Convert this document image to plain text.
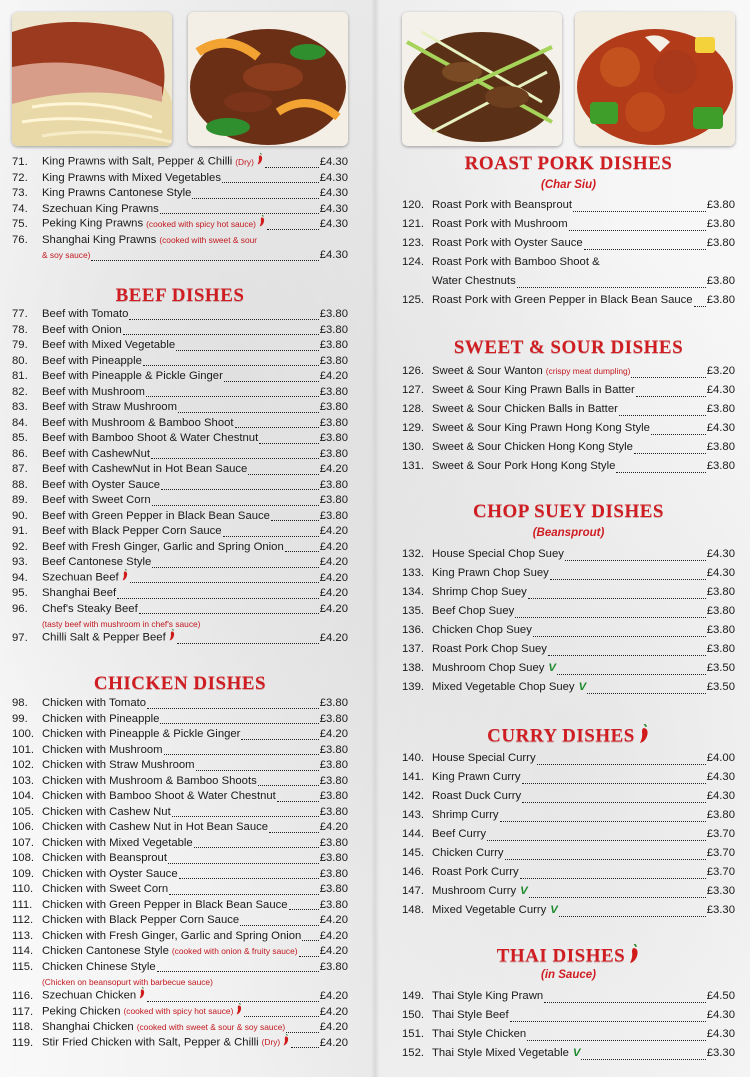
71.	King Prawns with Salt, Pepper & Chilli (Dry)	£4.30
72.	King Prawns with Mixed Vegetables	£4.30
73.	King Prawns Cantonese Style	£4.30
74.	Szechuan King Prawns	£4.30
75.	Peking King Prawns (cooked with spicy hot sauce)	£4.30
76.	Shanghai King Prawns (cooked with sweet & sour
& soy sauce)	£4.30
BEEF DISHES
77.	Beef with Tomato	£3.80
78.	Beef with Onion	£3.80
79.	Beef with Mixed Vegetable	£3.80
80.	Beef with Pineapple	£3.80
81.	Beef with Pineapple & Pickle Ginger	£4.20
82.	Beef with Mushroom	£3.80
83.	Beef with Straw Mushroom	£3.80
84.	Beef with Mushroom & Bamboo Shoot	£3.80
85.	Beef with Bamboo Shoot & Water Chestnut	£3.80
86.	Beef with CashewNut	£3.80
87.	Beef with CashewNut in Hot Bean Sauce	£4.20
88.	Beef with Oyster Sauce	£3.80
89.	Beef with Sweet Corn	£3.80
90.	Beef with Green Pepper in Black Bean Sauce	£3.80
91.	Beef with Black Pepper Corn Sauce	£4.20
92.	Beef with Fresh Ginger, Garlic and Spring Onion	£4.20
93.	Beef Cantonese Style	£4.20
94.	Szechuan Beef	£4.20
95.	Shanghai Beef	£4.20
96.	Chef's Steaky Beef	£4.20
(tasty beef with mushroom in chef's sauce)
97.	Chilli Salt & Pepper Beef	£4.20
CHICKEN DISHES
98.	Chicken with Tomato	£3.80
99.	Chicken with Pineapple	£3.80
100. Chicken with Pineapple & Pickle Ginger	£4.20
101. Chicken with Mushroom	£3.80
102. Chicken with Straw Mushroom	£3.80
103. Chicken with Mushroom & Bamboo Shoots	£3.80
104. Chicken with Bamboo Shoot & Water Chestnut	£3.80
105. Chicken with Cashew Nut	£3.80
106. Chicken with Cashew Nut in Hot Bean Sauce	£4.20
107. Chicken with Mixed Vegetable	£3.80
108. Chicken with Beansprout	£3.80
109. Chicken with Oyster Sauce	£3.80
110. Chicken with Sweet Corn	£3.80
111. Chicken with Green Pepper in Black Bean Sauce	£3.80
112. Chicken with Black Pepper Corn Sauce	£4.20
113. Chicken with Fresh Ginger, Garlic and Spring Onion £4.20
114. Chicken Cantonese Style (cooked with onion & fruity sauce) £4.20
115. Chicken Chinese Style	£3.80
(Chicken on beansopurt with barbecue sauce)
116. Szechuan Chicken	£4.20
117. Peking Chicken (cooked with spicy hot sauce)	£4.20
118. Shanghai Chicken (cooked with sweet & sour & soy sauce)	£4.20
119. Stir Fried Chicken with Salt, Pepper & Chilli (Dry)	£4.20
ROAST PORK DISHES
(Char Siu)
120. Roast Pork with Beansprout	£3.80
121. Roast Pork with Mushroom	£3.80
123. Roast Pork with Oyster Sauce	£3.80
124. Roast Pork with Bamboo Shoot &
Water Chestnuts	£3.80
125. Roast Pork with Green Pepper in Black Bean Sauce £3.80
SWEET & SOUR DISHES
126. Sweet & Sour Wanton (crispy meat dumpling)	£3.20
127. Sweet & Sour King Prawn Balls in Batter	£4.30
128. Sweet & Sour Chicken Balls in Batter	£3.80
129. Sweet & Sour King Prawn Hong Kong Style	£4.30
130. Sweet & Sour Chicken Hong Kong Style	£3.80
131. Sweet & Sour Pork Hong Kong Style	£3.80
CHOP SUEY DISHES
(Beansprout)
132. House Special Chop Suey	£4.30
133. King Prawn Chop Suey	£4.30
134. Shrimp Chop Suey	£3.80
135. Beef Chop Suey	£3.80
136. Chicken Chop Suey	£3.80
137. Roast Pork Chop Suey	£3.80
138. Mushroom Chop Suey V	£3.50
139. Mixed Vegetable Chop Suey V	£3.50
CURRY DISHES
140. House Special Curry	£4.00
141. King Prawn Curry	£4.30
142. Roast Duck Curry	£4.30
143. Shrimp Curry	£3.80
144. Beef Curry	£3.70
145. Chicken Curry	£3.70
146. Roast Pork Curry	£3.70
147. Mushroom Curry V	£3.30
148. Mixed Vegetable Curry V	£3.30
THAI DISHES
(in Sauce)
149. Thai Style King Prawn	£4.50
150. Thai Style Beef	£4.30
151. Thai Style Chicken	£4.30
152. Thai Style Mixed Vegetable V	£3.30
